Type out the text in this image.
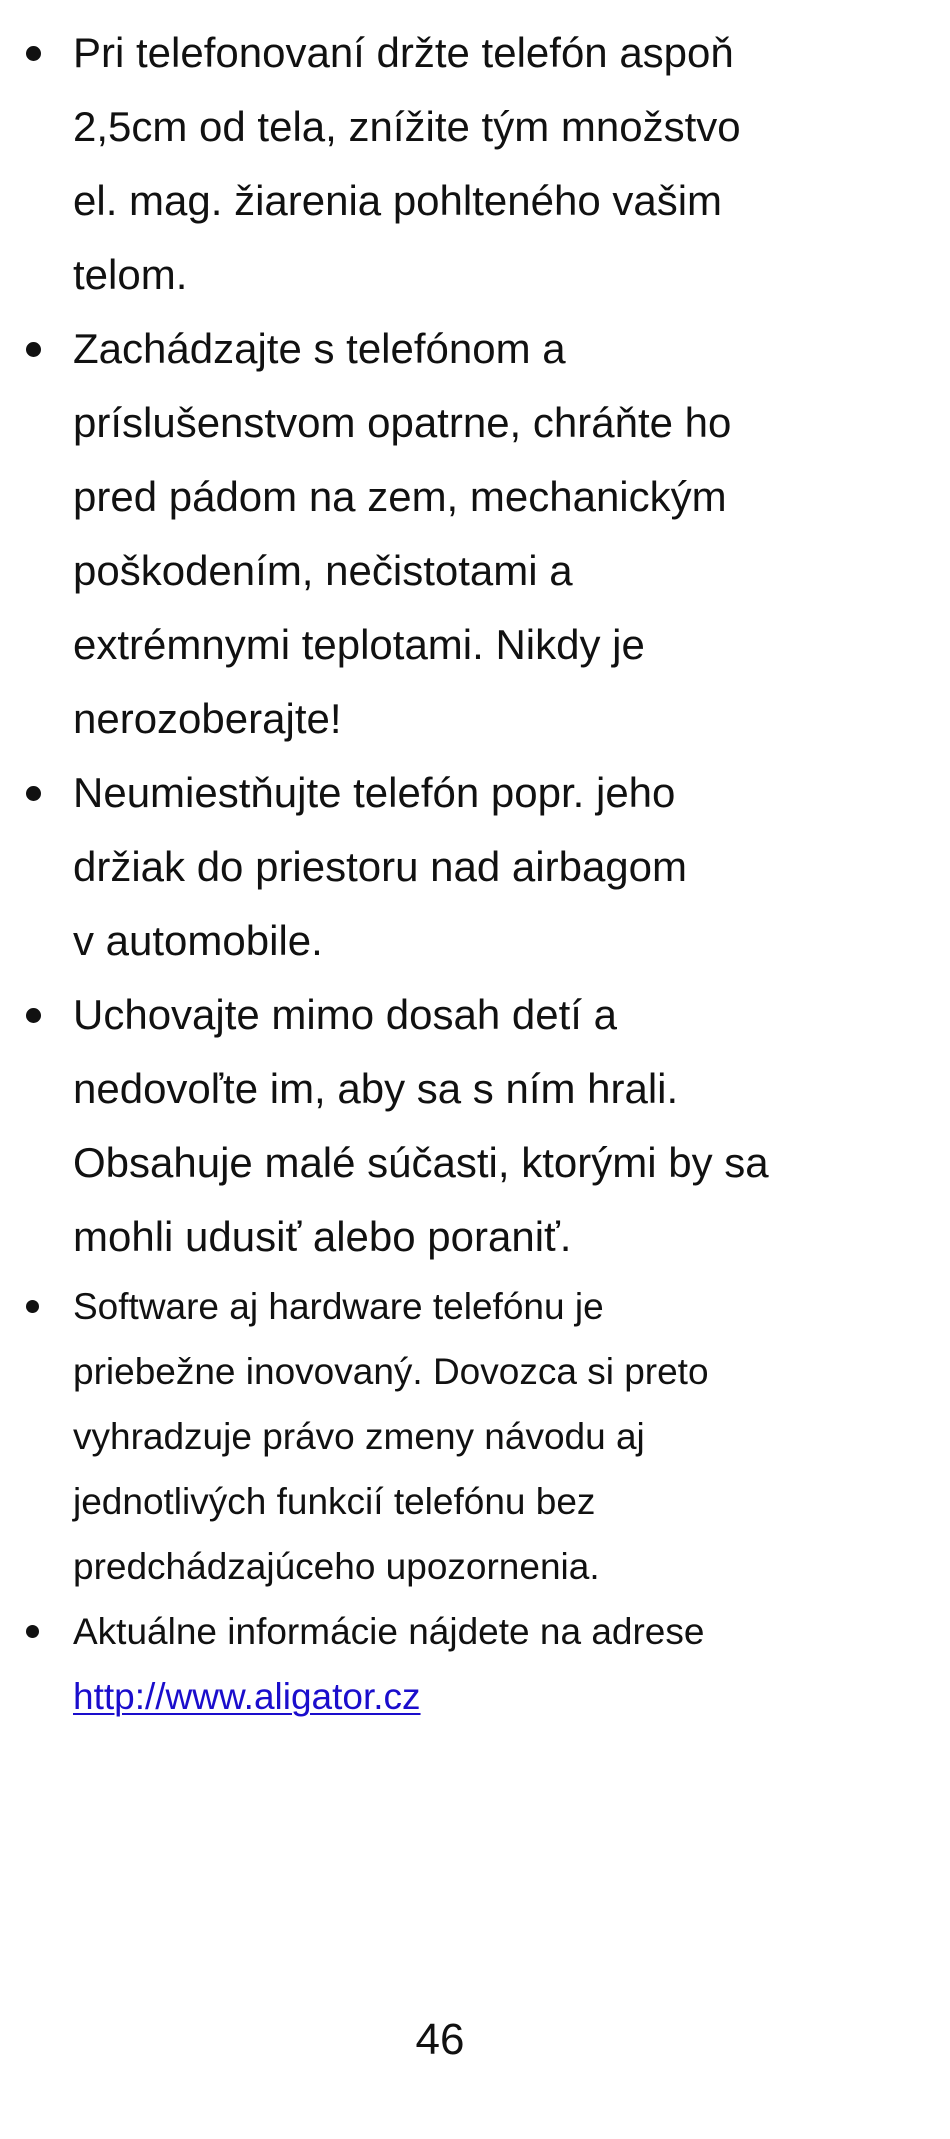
Pri telefonovaní držte telefón aspoň
2,5cm od tela, znížite tým množstvo
el. mag. žiarenia pohlteného vašim
telom.
Zachádzajte s telefónom a
príslušenstvom opatrne, chráňte ho
pred pádom na zem, mechanickým
poškodením, nečistotami a
extrémnymi teplotami. Nikdy je
nerozoberajte!
Neumiestňujte telefón popr. jeho
držiak do priestoru nad airbagom
v automobile.
Uchovajte mimo dosah detí a
nedovoľte im, aby sa s ním hrali.
Obsahuje malé súčasti, ktorými by sa
mohli udusiť alebo poraniť.
Software aj hardware telefónu je
priebežne inovovaný. Dovozca si preto
vyhradzuje právo zmeny návodu aj
jednotlivých funkcií telefónu bez
predchádzajúceho upozornenia.
Aktuálne informácie nájdete na adrese
http://www.aligator.cz
46
